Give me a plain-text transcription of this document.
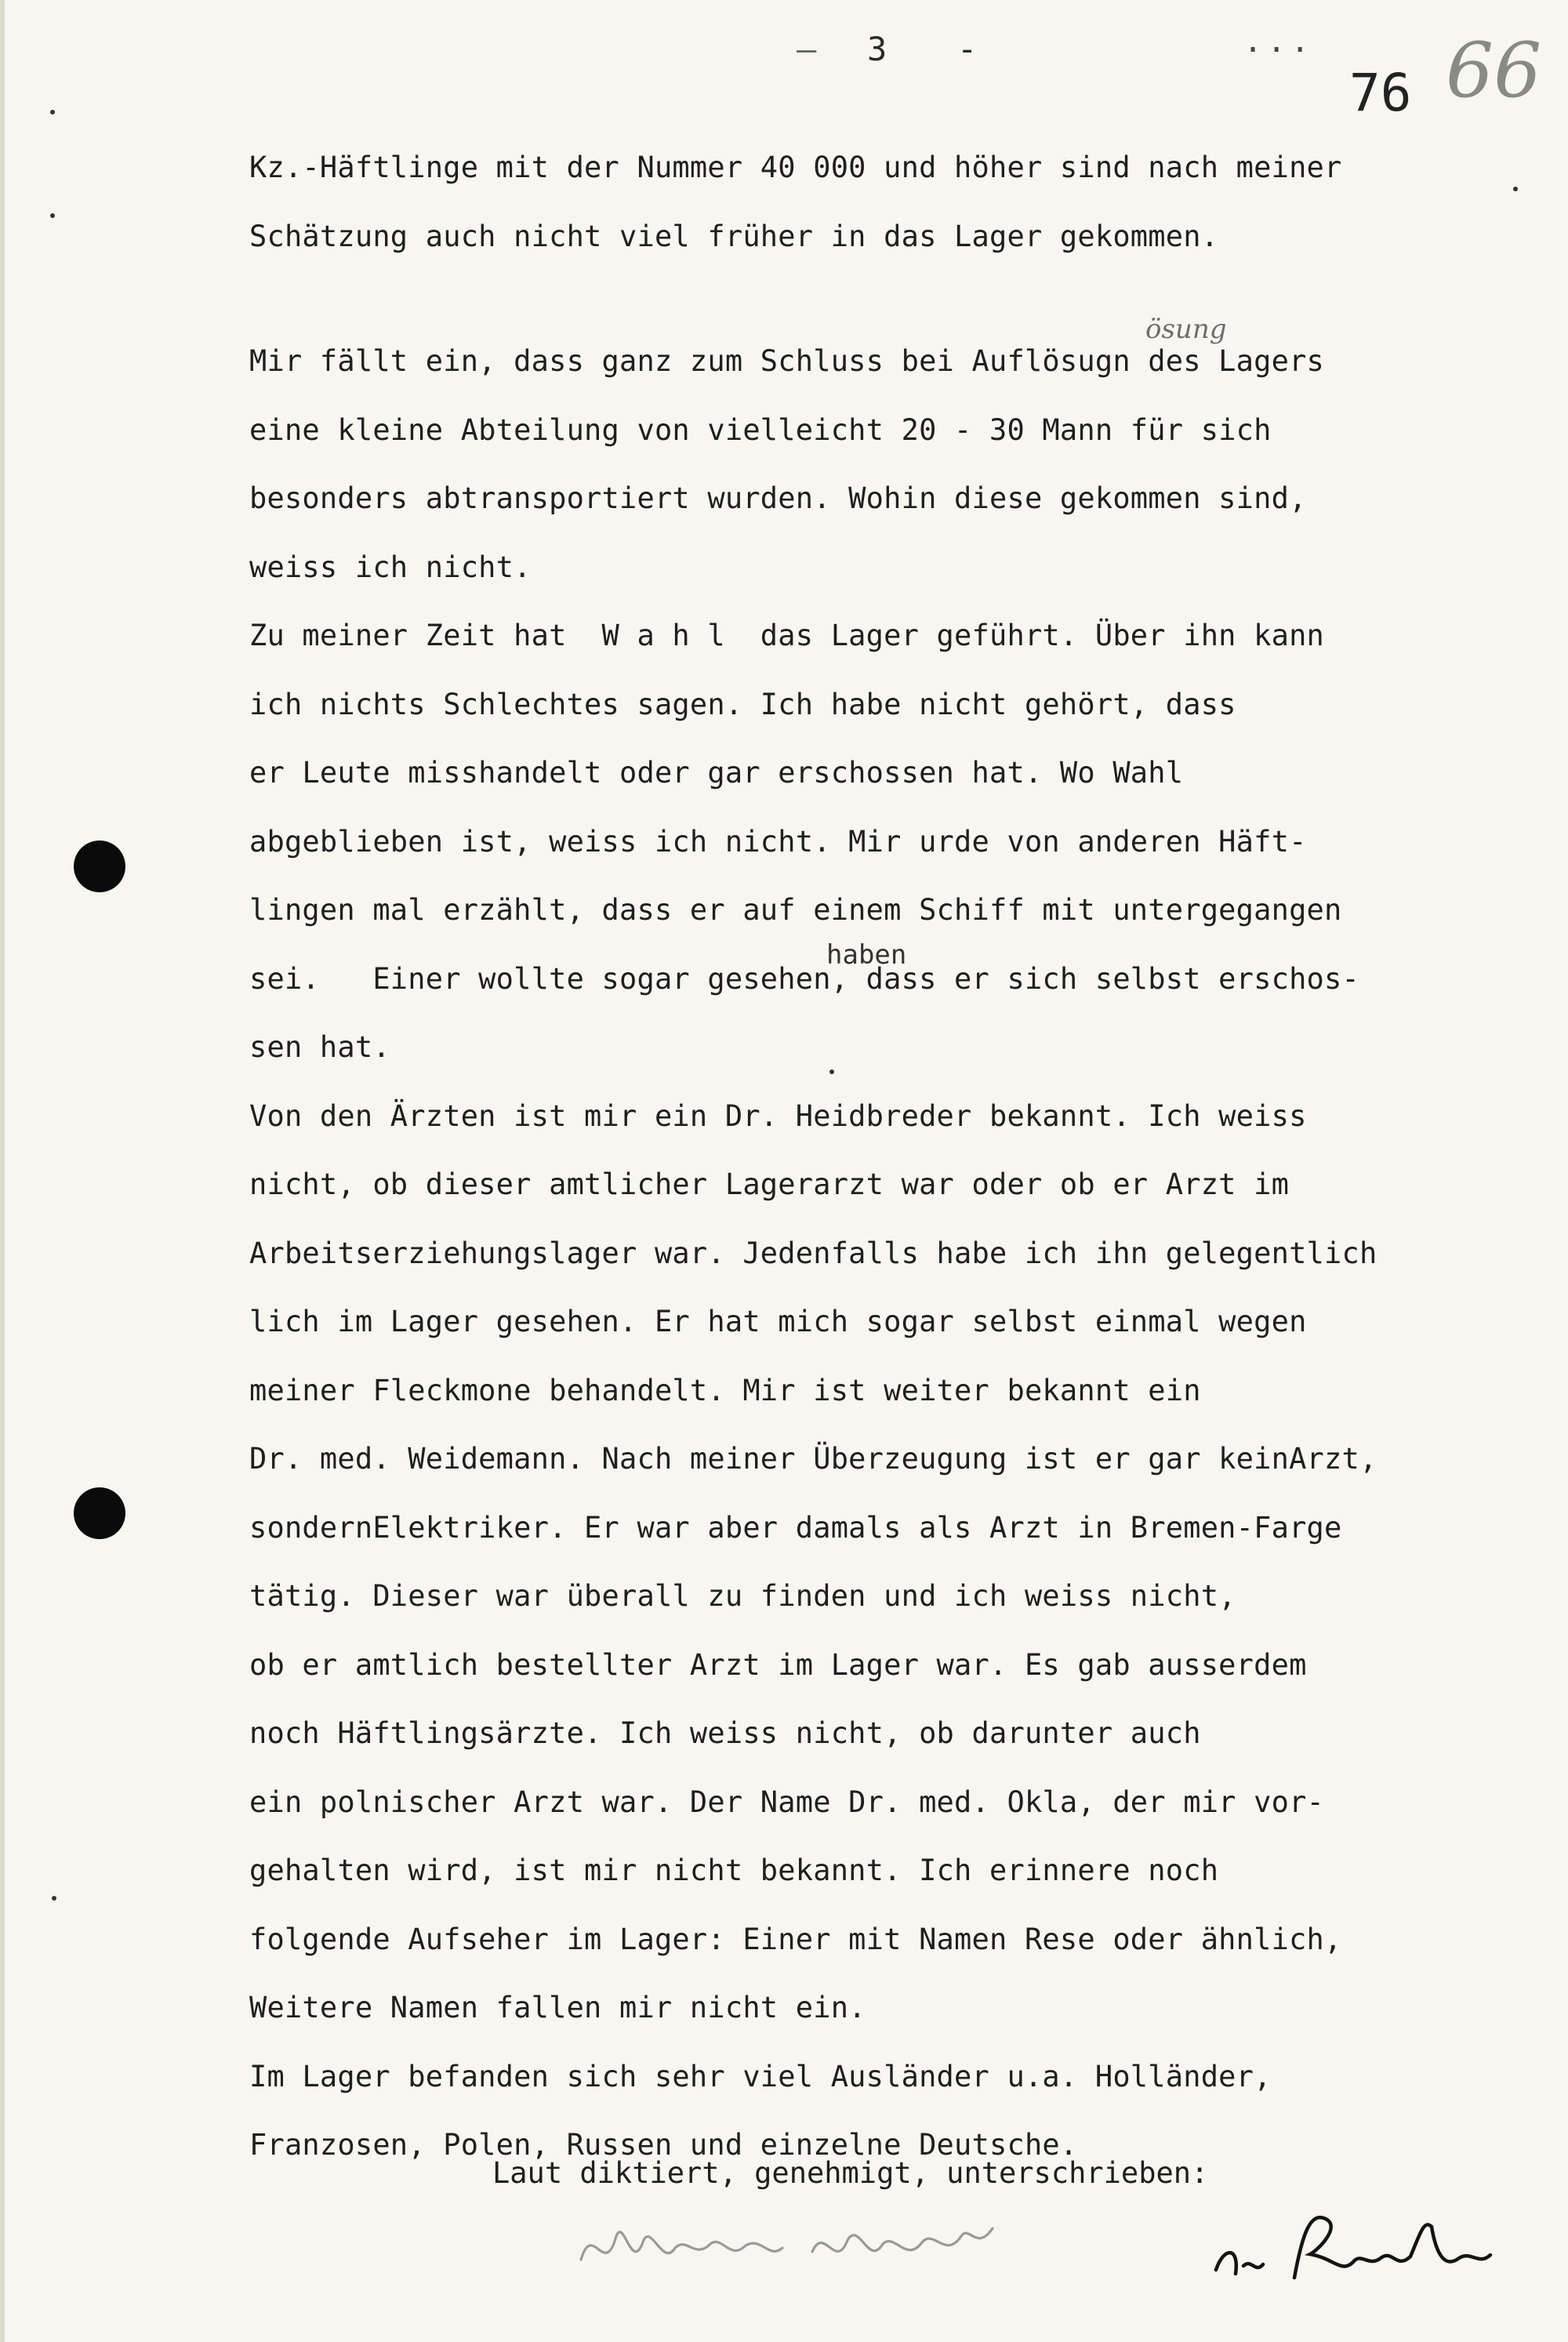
– 3 -	...
76 66
ösung
haben
Kz.-Häftlinge mit der Nummer 40 000 und höher sind nach meiner
Schätzung auch nicht viel früher in das Lager gekommen.
Mir fällt ein, dass ganz zum Schluss bei Auflösugn des Lagers
eine kleine Abteilung von vielleicht 20 - 30 Mann für sich
besonders abtransportiert wurden. Wohin diese gekommen sind,
weiss ich nicht.
Zu meiner Zeit hat  W a h l  das Lager geführt. Über ihn kann
ich nichts Schlechtes sagen. Ich habe nicht gehört, dass
er Leute misshandelt oder gar erschossen hat. Wo Wahl
abgeblieben ist, weiss ich nicht. Mir urde von anderen Häft-
lingen mal erzählt, dass er auf einem Schiff mit untergegangen
sei.   Einer wollte sogar gesehen, dass er sich selbst erschos-
sen hat.
Von den Ärzten ist mir ein Dr. Heidbreder bekannt. Ich weiss
nicht, ob dieser amtlicher Lagerarzt war oder ob er Arzt im
Arbeitserziehungslager war. Jedenfalls habe ich ihn gelegentlich
lich im Lager gesehen. Er hat mich sogar selbst einmal wegen
meiner Fleckmone behandelt. Mir ist weiter bekannt ein
Dr. med. Weidemann. Nach meiner Überzeugung ist er gar keinArzt,
sondernElektriker. Er war aber damals als Arzt in Bremen-Farge
tätig. Dieser war überall zu finden und ich weiss nicht,
ob er amtlich bestellter Arzt im Lager war. Es gab ausserdem
noch Häftlingsärzte. Ich weiss nicht, ob darunter auch
ein polnischer Arzt war. Der Name Dr. med. Okla, der mir vor-
gehalten wird, ist mir nicht bekannt. Ich erinnere noch
folgende Aufseher im Lager: Einer mit Namen Rese oder ähnlich,
Weitere Namen fallen mir nicht ein.
Im Lager befanden sich sehr viel Ausländer u.a. Holländer,
Franzosen, Polen, Russen und einzelne Deutsche.
Laut diktiert, genehmigt, unterschrieben:
